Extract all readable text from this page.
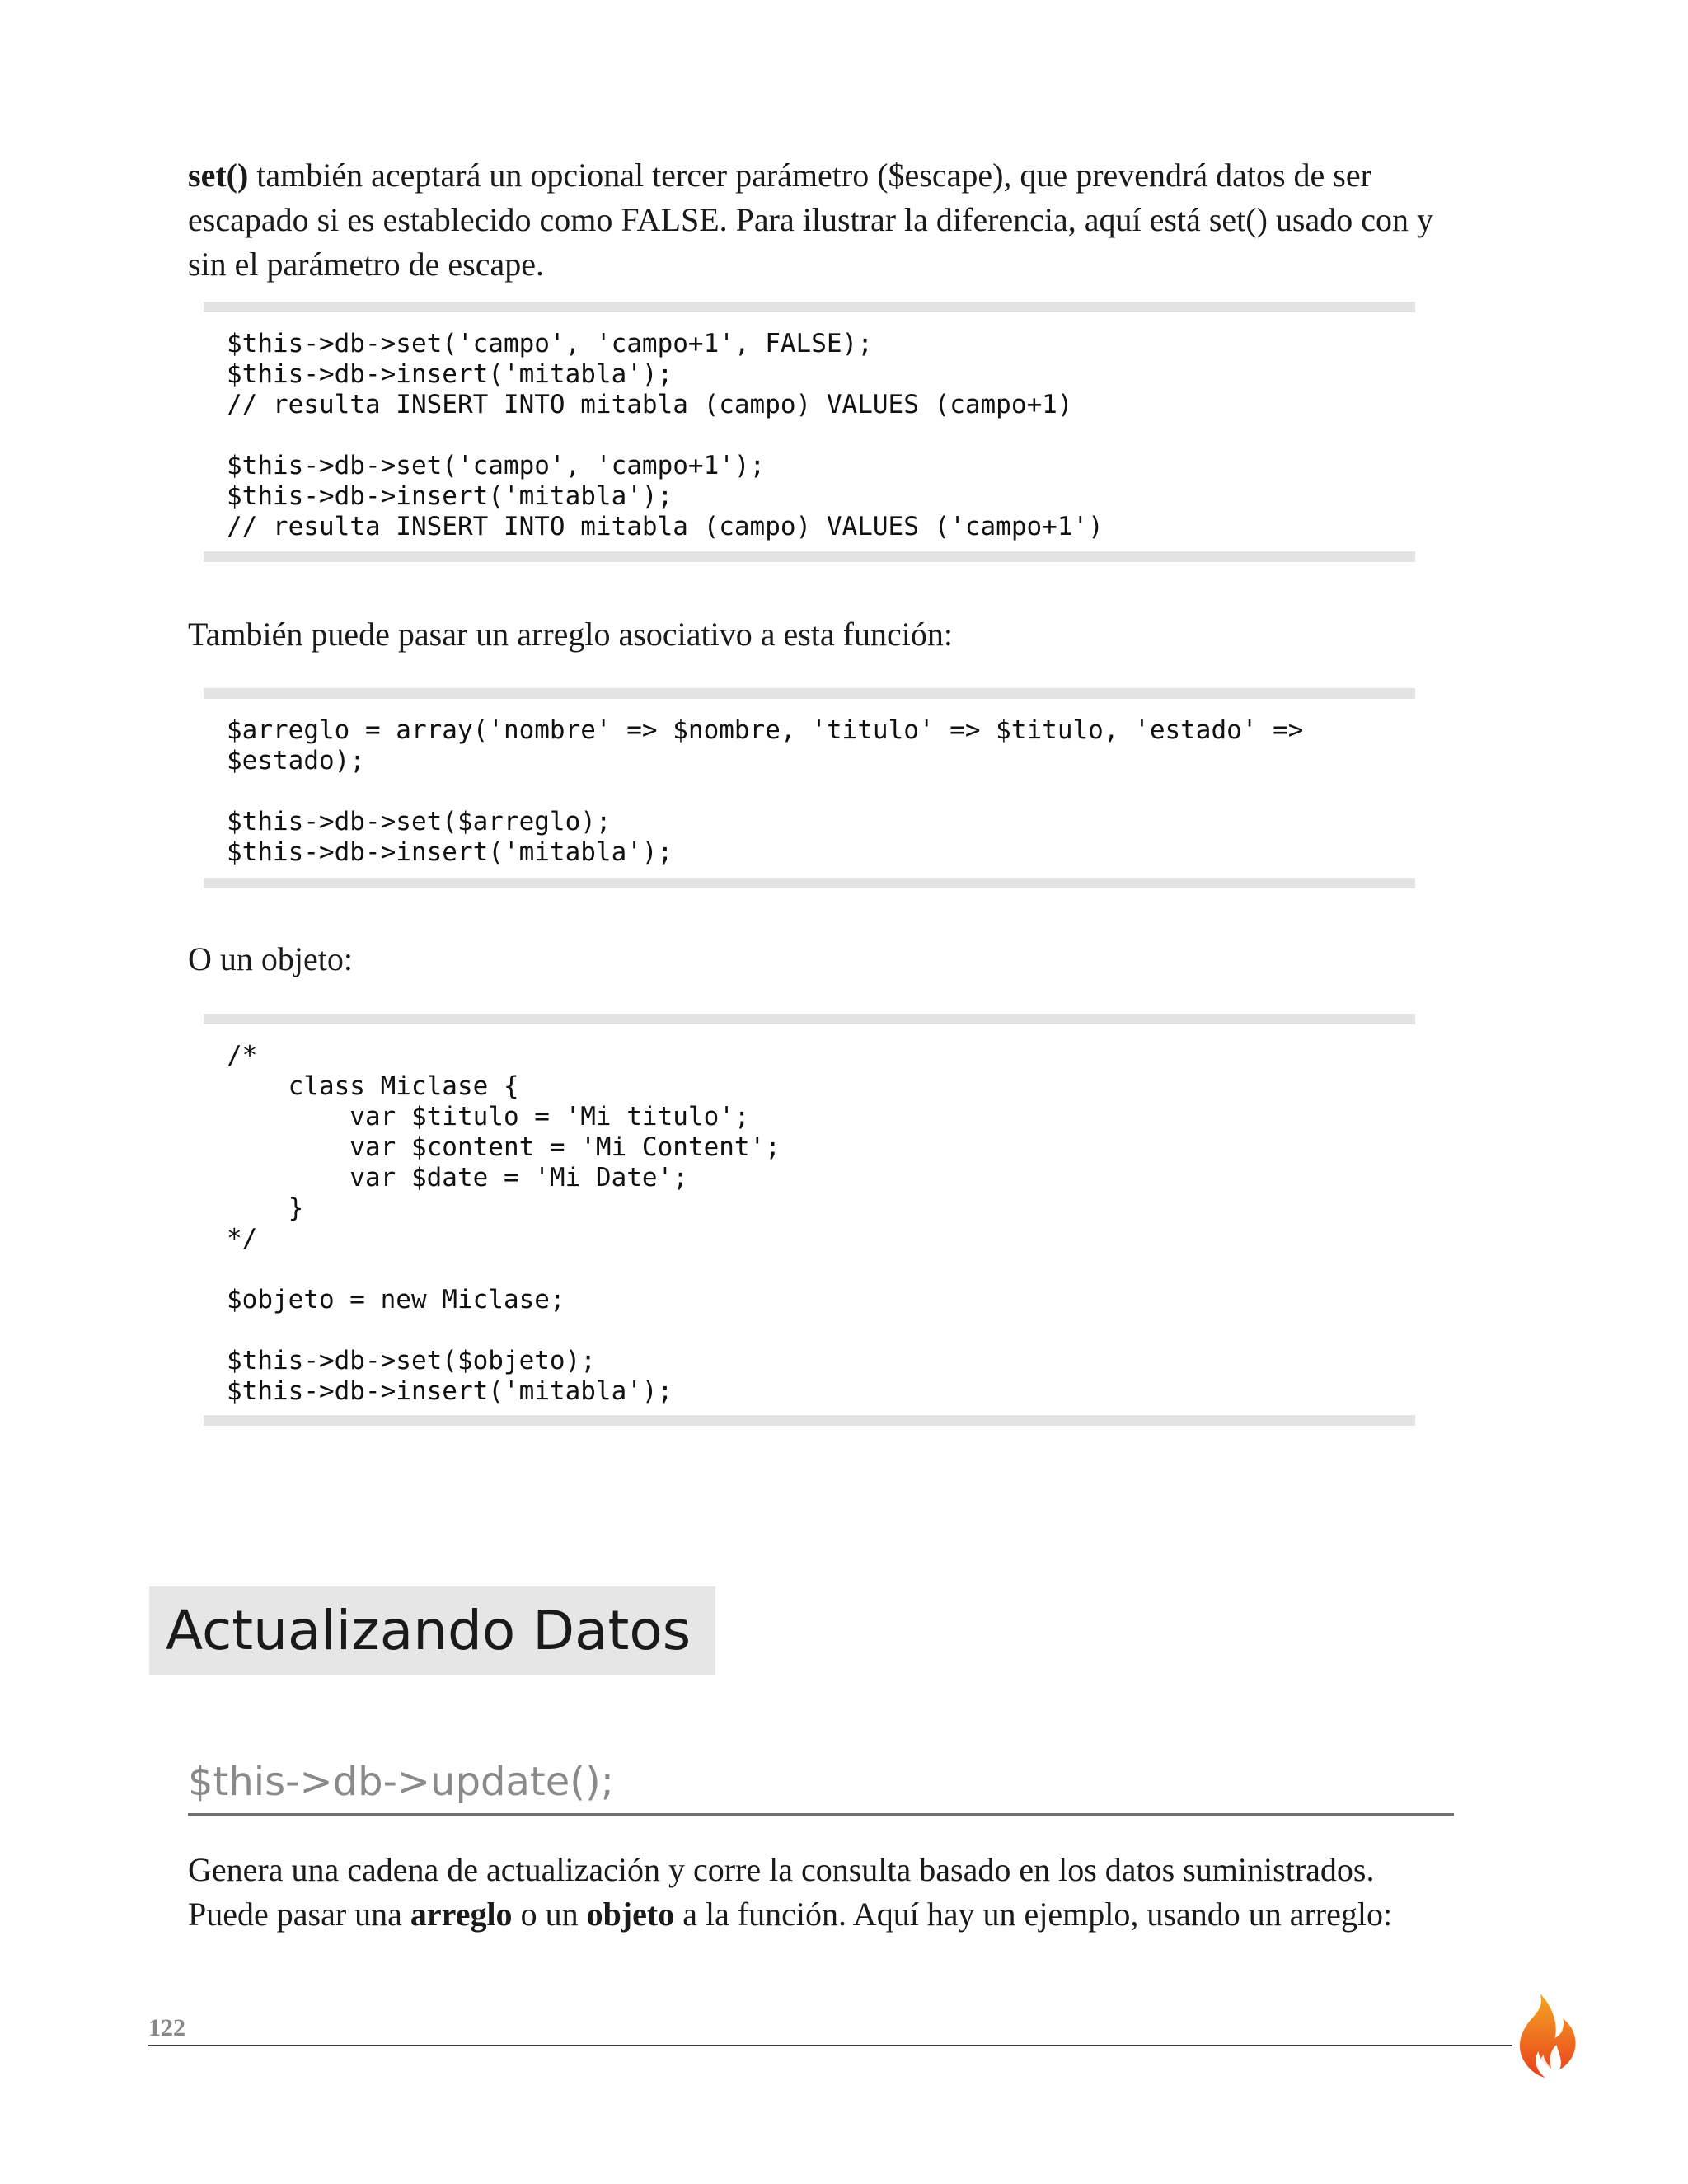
set() también aceptará un opcional tercer parámetro ($escape), que prevendrá datos de ser escapado si es establecido como FALSE. Para ilustrar la diferencia, aquí está set() usado con y sin el parámetro de escape.

$this->db->set('campo', 'campo+1', FALSE);
$this->db->insert('mitabla');
// resulta INSERT INTO mitabla (campo) VALUES (campo+1)

$this->db->set('campo', 'campo+1');
$this->db->insert('mitabla');
// resulta INSERT INTO mitabla (campo) VALUES ('campo+1')

También puede pasar un arreglo asociativo a esta función:

$arreglo = array('nombre' => $nombre, 'titulo' => $titulo, 'estado' =>
$estado);

$this->db->set($arreglo);
$this->db->insert('mitabla');

O un objeto:

/*
class Miclase {
var $titulo = 'Mi titulo';
var $content = 'Mi Content';
var $date = 'Mi Date';
}
*/

$objeto = new Miclase;

$this->db->set($objeto);
$this->db->insert('mitabla');
Actualizando Datos
$this->db->update();

Genera una cadena de actualización y corre la consulta basado en los datos suministrados. Puede pasar una arreglo o un objeto a la función. Aquí hay un ejemplo, usando un arreglo:

122
